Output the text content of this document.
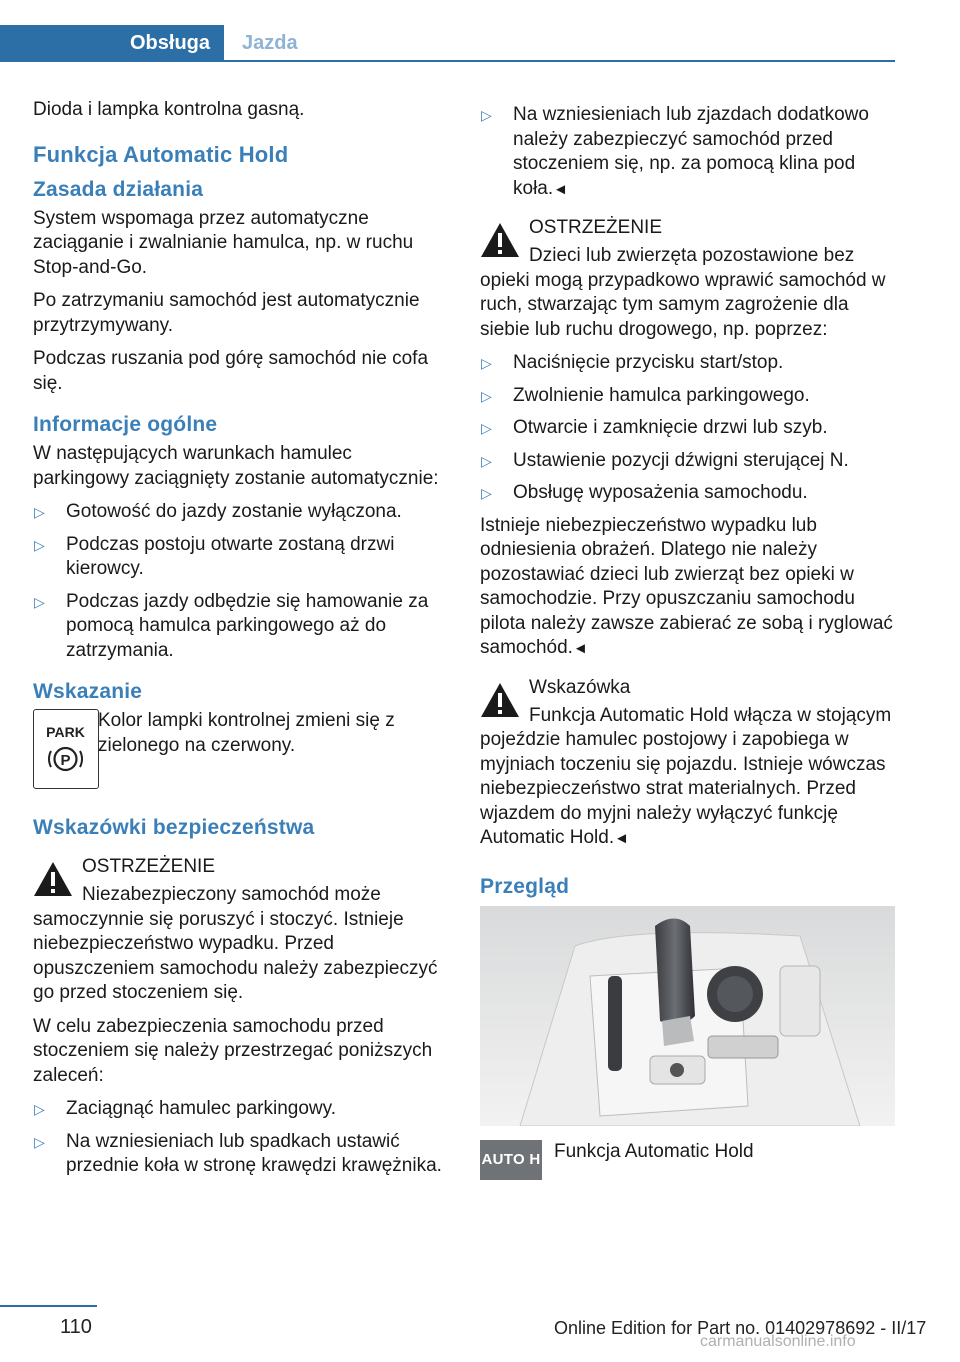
Obsługa	Jazda

Dioda i lampka kontrolna gasną.

Funkcja Automatic Hold
Zasada działania

System wspomaga przez automatyczne zaciąganie i zwalnianie hamulca, np. w ruchu Stop-and-Go.

Po zatrzymaniu samochód jest automatycznie przytrzymywany.

Podczas ruszania pod górę samochód nie cofa się.

Informacje ogólne

W następujących warunkach hamulec parkingowy zaciągnięty zostanie automatycznie:

▷ Gotowość do jazdy zostanie wyłączona.
▷ Podczas postoju otwarte zostaną drzwi kierowcy.
▷ Podczas jazdy odbędzie się hamowanie za pomocą hamulca parkingowego aż do zatrzymania.
Wskazanie
PARK
P
Kolor lampki kontrolnej zmieni się z zielonego na czerwony.
Wskazówki bezpieczeństwa
OSTRZEŻENIE

Niezabezpieczony samochód może samoczynnie się poruszyć i stoczyć. Istnieje niebezpieczeństwo wypadku. Przed opuszczeniem samochodu należy zabezpieczyć go przed stoczeniem się.

W celu zabezpieczenia samochodu przed stoczeniem się należy przestrzegać poniższych zaleceń:

▷ Zaciągnąć hamulec parkingowy.
▷ Na wzniesieniach lub spadkach ustawić przednie koła w stronę krawędzi krawężnika.
▷ Na wzniesieniach lub zjazdach dodatkowo należy zabezpieczyć samochód przed stoczeniem się, np. za pomocą klina pod koła.◄
OSTRZEŻENIE

Dzieci lub zwierzęta pozostawione bez opieki mogą przypadkowo wprawić samochód w ruch, stwarzając tym samym zagrożenie dla siebie lub ruchu drogowego, np. poprzez:

▷ Naciśnięcie przycisku start/stop.
▷ Zwolnienie hamulca parkingowego.
▷ Otwarcie i zamknięcie drzwi lub szyb.
▷ Ustawienie pozycji dźwigni sterującej N.
▷ Obsługę wyposażenia samochodu.

Istnieje niebezpieczeństwo wypadku lub odniesienia obrażeń. Dlatego nie należy pozostawiać dzieci lub zwierząt bez opieki w samochodzie. Przy opuszczaniu samochodu pilota należy zawsze zabierać ze sobą i ryglować samochód.◄

Wskazówka

Funkcja Automatic Hold włącza w stojącym pojeździe hamulec postojowy i zapobiega w myjniach toczeniu się pojazdu. Istnieje wówczas niebezpieczeństwo strat materialnych. Przed wjazdem do myjni należy wyłączyć funkcję Automatic Hold.◄

Przegląd
AUTO H Funkcja Automatic Hold
110	Online Edition for Part no. 01402978692 - II/17
carmanualsonline.info
